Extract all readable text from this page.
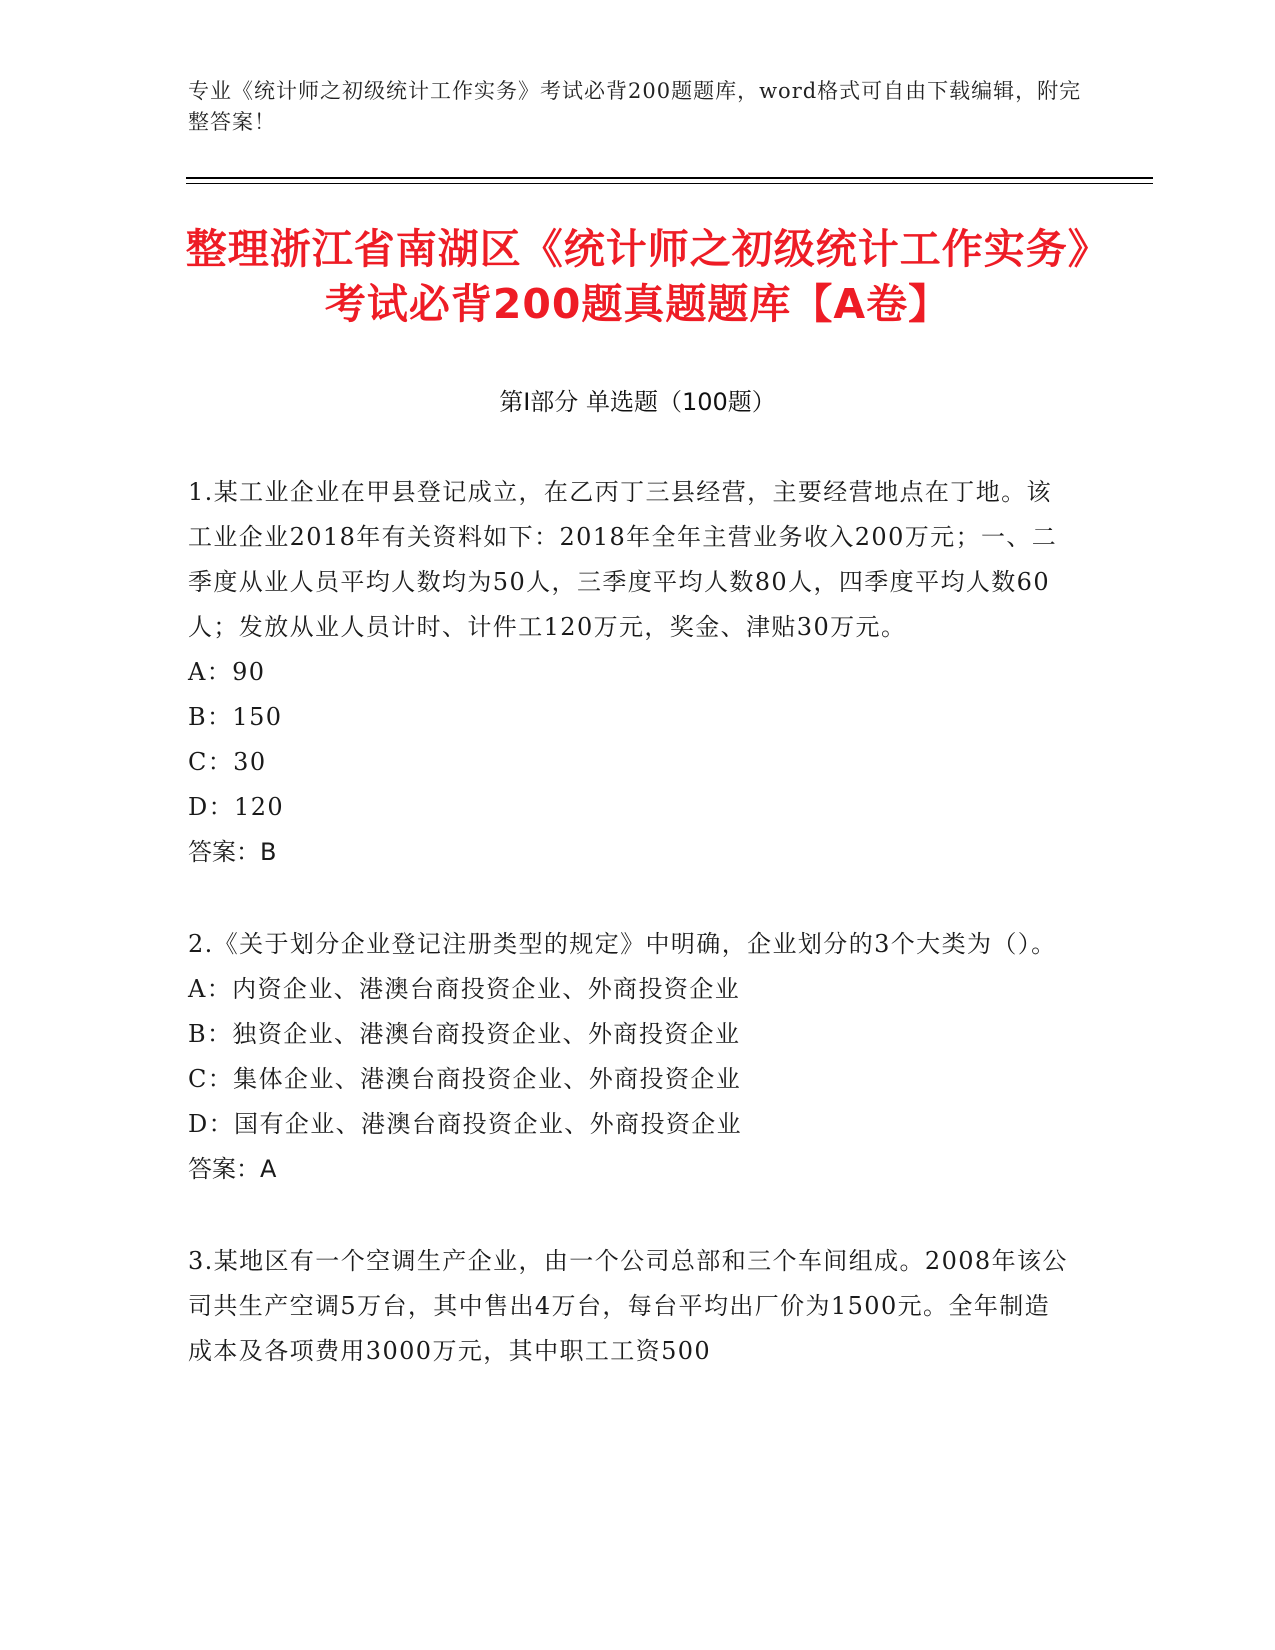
专业《统计师之初级统计工作实务》考试必背200题题库，word格式可自由下载编辑，附完整答案！
整理浙江省南湖区《统计师之初级统计工作实务》考试必背200题真题题库【A卷】
第I部分 单选题（100题）

1.某工业企业在甲县登记成立，在乙丙丁三县经营，主要经营地点在丁地。该工业企业2018年有关资料如下：2018年全年主营业务收入200万元；一、二季度从业人员平均人数均为50人，三季度平均人数80人，四季度平均人数60人；发放从业人员计时、计件工120万元，奖金、津贴30万元。

A：90

B：150

C：30

D：120

答案：B

2.《关于划分企业登记注册类型的规定》中明确，企业划分的3个大类为（）。

A：内资企业、港澳台商投资企业、外商投资企业

B：独资企业、港澳台商投资企业、外商投资企业

C：集体企业、港澳台商投资企业、外商投资企业

D：国有企业、港澳台商投资企业、外商投资企业

答案：A

3.某地区有一个空调生产企业，由一个公司总部和三个车间组成。2008年该公司共生产空调5万台，其中售出4万台，每台平均出厂价为1500元。全年制造成本及各项费用3000万元，其中职工工资500
